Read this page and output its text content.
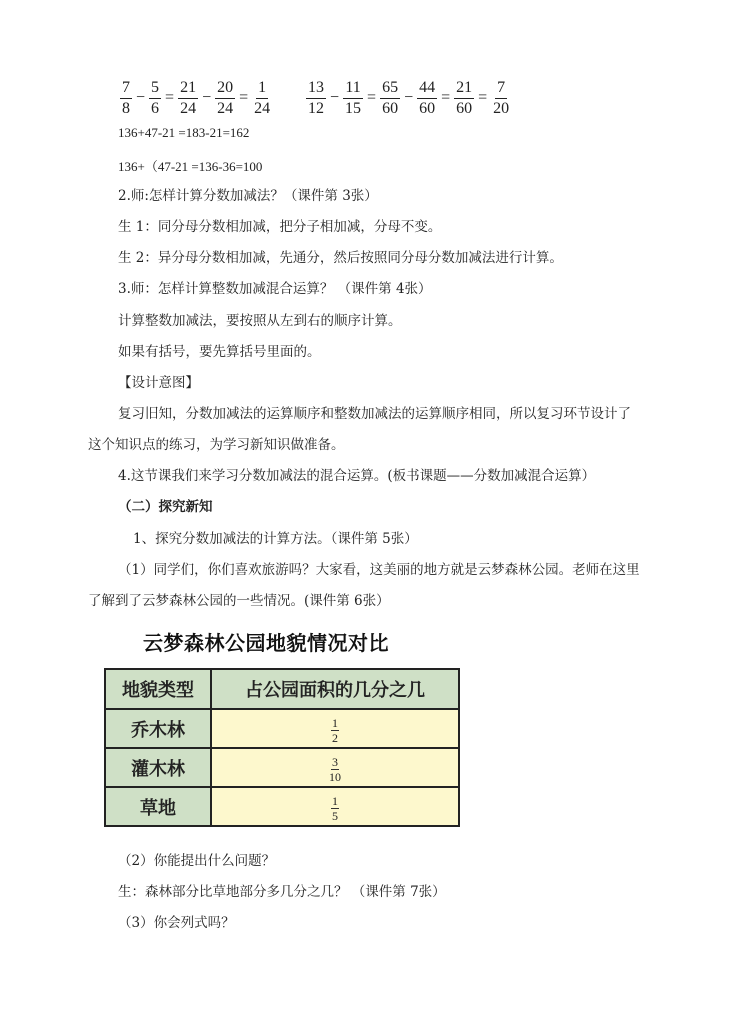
$\frac{7}{8} - \frac{5}{6} = \frac{21}{24} - \frac{20}{24} = \frac{1}{24} \frac{13}{12} - \frac{11}{15} = \frac{65}{60} - \frac{44}{60} = \frac{21}{60} = \frac{7}{20}$
136+47-21 =183-21=162
136+（47-21 =136-36=100
2.师:怎样计算分数加减法？（课件第 3张）
生 1：同分母分数相加减，把分子相加减，分母不变。
生 2：异分母分数相加减，先通分，然后按照同分母分数加减法进行计算。
3.师：怎样计算整数加减混合运算？ （课件第 4张）
计算整数加减法，要按照从左到右的顺序计算。
如果有括号，要先算括号里面的。
【设计意图】
复习旧知，分数加减法的运算顺序和整数加减法的运算顺序相同，所以复习环节设计了
这个知识点的练习，为学习新知识做准备。
4.这节课我们来学习分数加减法的混合运算。(板书课题——分数加减混合运算）
（二）探究新知
1、探究分数加减法的计算方法。（课件第 5张）
（1）同学们，你们喜欢旅游吗？大家看，这美丽的地方就是云梦森林公园。老师在这里
了解到了云梦森林公园的一些情况。(课件第 6张）
云梦森林公园地貌情况对比
地貌类型	占公园面积的几分之几
乔木林	$\frac{1}{2}$

灌木林	$\frac{3}{10}$

草地	$\frac{1}{5}$
（2）你能提出什么问题？
生：森林部分比草地部分多几分之几？ （课件第 7张）
（3）你会列式吗？
